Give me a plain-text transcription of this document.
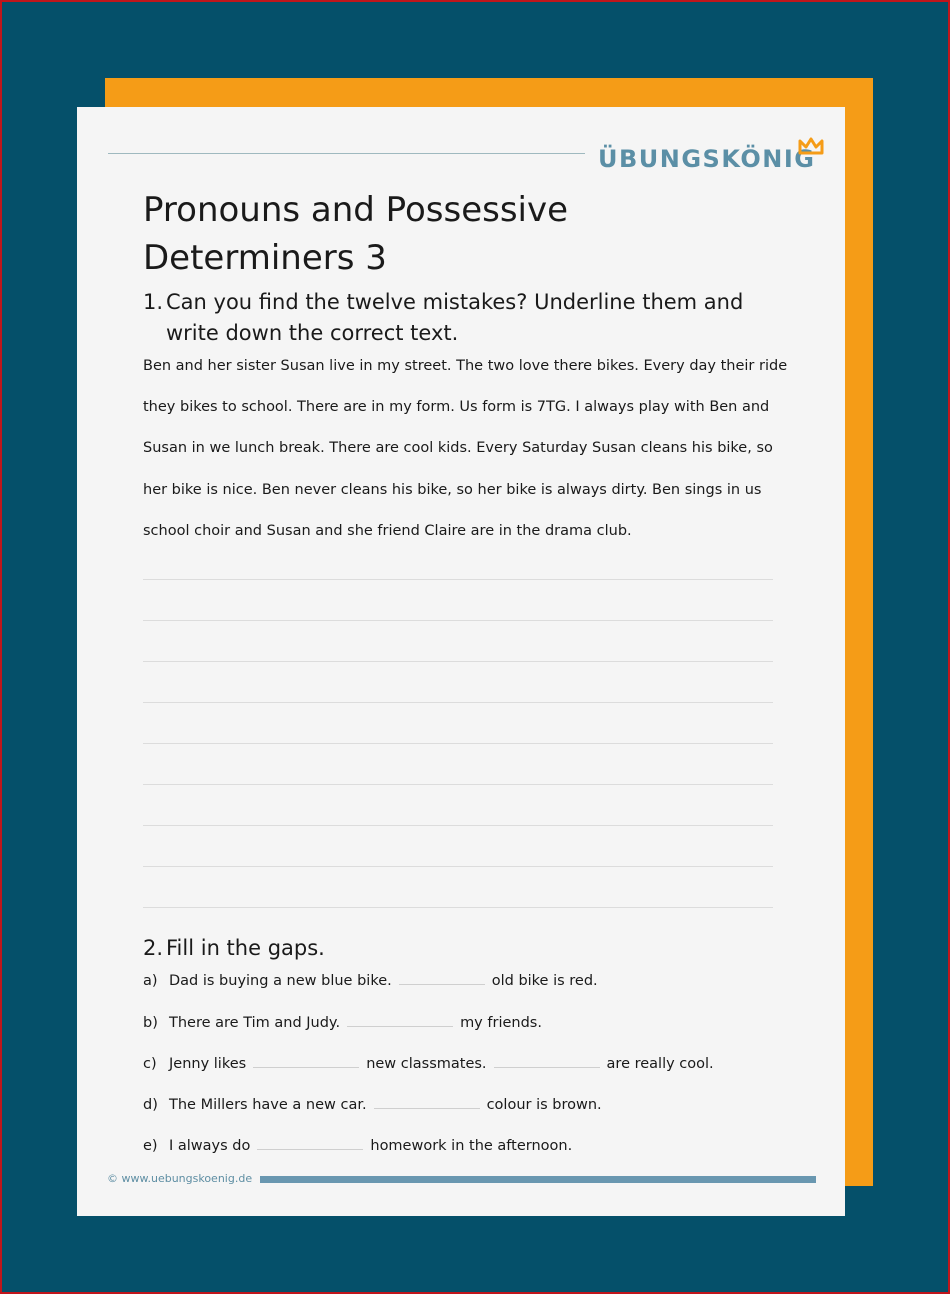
ÜBUNGSKÖNIG
Pronouns and Possessive Determiners 3
1. Can you find the twelve mistakes? Underline them and
write down the correct text.
Ben and her sister Susan live in my street. The two love there bikes. Every day their ride
they bikes to school. There are in my form. Us form is 7TG. I always play with Ben and
Susan in we lunch break. There are cool kids. Every Saturday Susan cleans his bike, so
her bike is nice. Ben never cleans his bike, so her bike is always dirty. Ben sings in us
school choir and Susan and she friend Claire are in the drama club.
2. Fill in the gaps.
a) Dad is buying a new blue bike.	old bike is red.
b) There are Tim and Judy.	my friends.
c) Jenny likes	new classmates.	are really cool.
d) The Millers have a new car.	colour is brown.
e) I always do	homework in the afternoon.
© www.uebungskoenig.de
